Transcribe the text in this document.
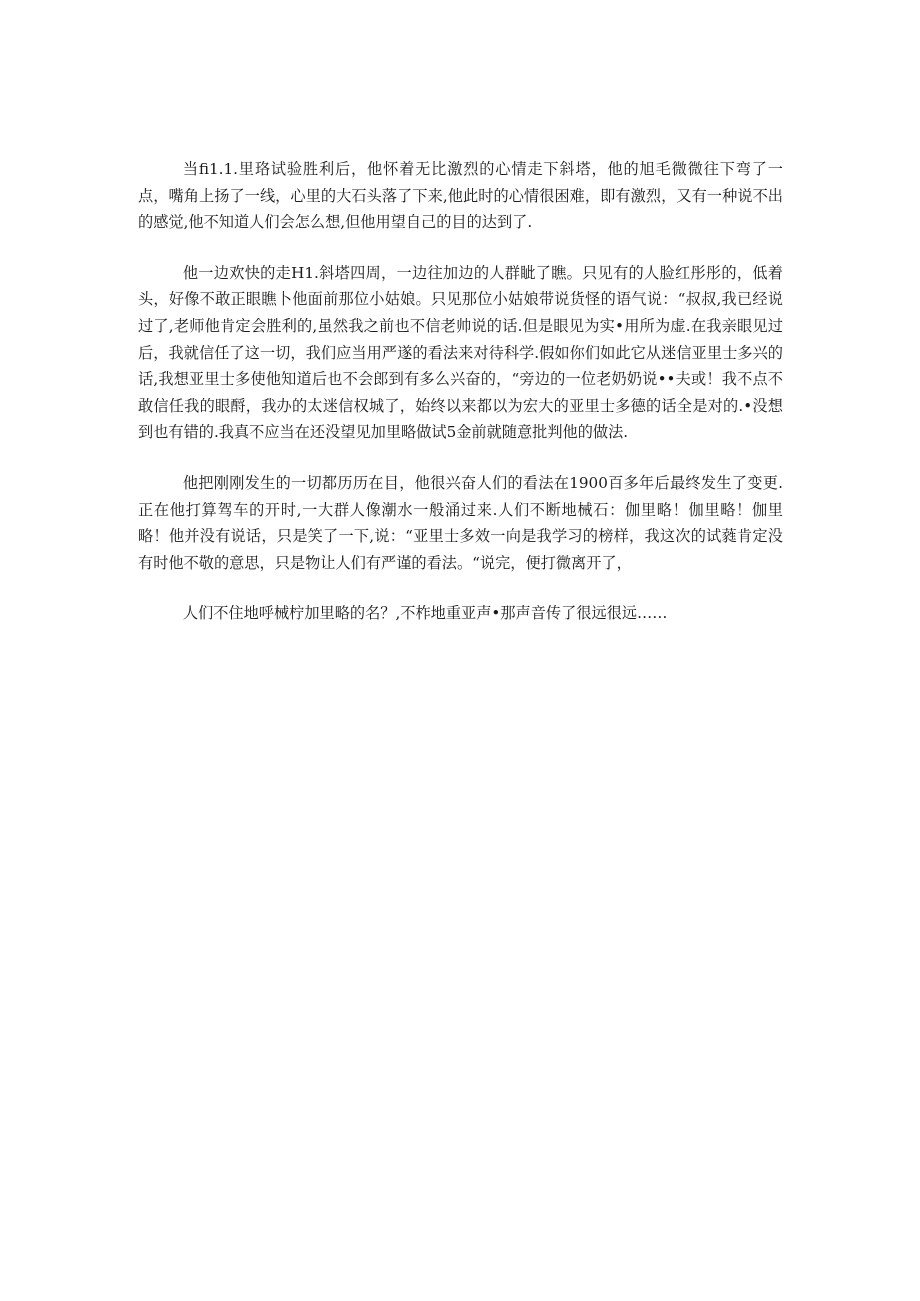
当fi1.1.里珞试验胜利后，他怀着无比激烈的心情走下斜塔，他的旭毛微微往下弯了一点，嘴角上扬了一线，心里的大石头落了下来,他此时的心情很困难，即有激烈，又有一种说不出的感觉,他不知道人们会怎么想,但他用望自己的目的达到了.

他一边欢快的走H1.斜塔四周，一边往加边的人群眦了瞧。只见有的人脸红彤彤的，低着头，好像不敢正眼瞧卜他面前那位小姑娘。只见那位小姑娘带说货怪的语气说：“叔叔,我已经说过了,老师他肯定会胜利的,虽然我之前也不信老帅说的话.但是眼见为实•用所为虚.在我亲眼见过后，我就信任了这一切，我们应当用严遂的看法来对待科学.假如你们如此它从迷信亚里士多兴的话,我想亚里士多使他知道后也不会郎到有多么兴奋的，“旁边的一位老奶奶说••夫或！我不点不敢信任我的眼酹，我办的太迷信权城了，始终以来都以为宏大的亚里士多德的话全是对的.•没想到也有错的.我真不应当在还没望见加里略做试5金前就随意批判他的做法.

他把刚刚发生的一切都历历在目，他很兴奋人们的看法在1900百多年后最终发生了变更.正在他打算驾车的开时,一大群人像潮水一般涌过来.人们不断地械石：伽里略！伽里略！伽里略！他并没有说话，只是笑了一下,说：“亚里士多效一向是我学习的榜样，我这次的试蕤肯定没有时他不敬的意思，只是物让人们有严谨的看法。“说完，便打微离开了，

人们不住地呼械柠加里略的名？,不柞地重亚声•那声音传了很远很远……
